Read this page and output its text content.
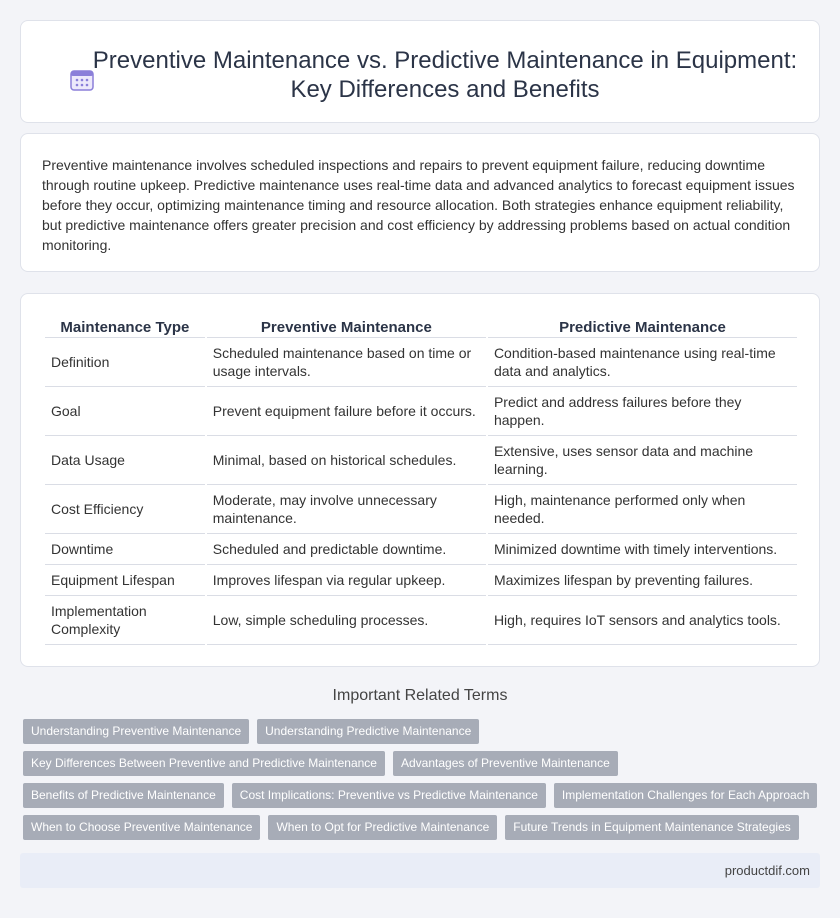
Preventive Maintenance vs. Predictive Maintenance in Equipment: Key Differences and Benefits

Preventive maintenance involves scheduled inspections and repairs to prevent equipment failure, reducing downtime through routine upkeep. Predictive maintenance uses real-time data and advanced analytics to forecast equipment issues before they occur, optimizing maintenance timing and resource allocation. Both strategies enhance equipment reliability, but predictive maintenance offers greater precision and cost efficiency by addressing problems based on actual condition monitoring.

Maintenance Type	Preventive Maintenance	Predictive Maintenance
Definition	Scheduled maintenance based on time or usage intervals.	Condition-based maintenance using real-time data and analytics.
Goal	Prevent equipment failure before it occurs.	Predict and address failures before they happen.
Data Usage	Minimal, based on historical schedules.	Extensive, uses sensor data and machine learning.
Cost Efficiency	Moderate, may involve unnecessary maintenance.	High, maintenance performed only when needed.
Downtime	Scheduled and predictable downtime.	Minimized downtime with timely interventions.
Equipment Lifespan	Improves lifespan via regular upkeep.	Maximizes lifespan by preventing failures.
Implementation Complexity	Low, simple scheduling processes.	High, requires IoT sensors and analytics tools.
Important Related Terms
Understanding Preventive Maintenance	Understanding Predictive Maintenance
Key Differences Between Preventive and Predictive Maintenance	Advantages of Preventive Maintenance
Benefits of Predictive Maintenance	Cost Implications: Preventive vs Predictive Maintenance	Implementation Challenges for Each Approach
When to Choose Preventive Maintenance	When to Opt for Predictive Maintenance	Future Trends in Equipment Maintenance Strategies
productdif.com
